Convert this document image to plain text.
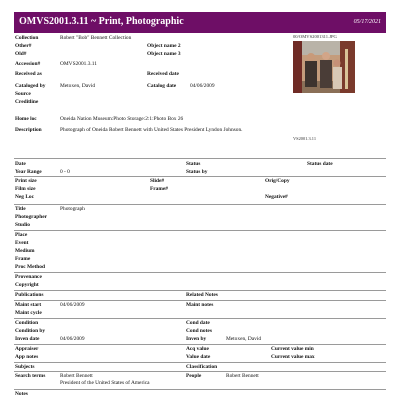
OMVS2001.3.11 ~ Print, Photographic	05/17/2021
Collection	Robert "Bob" Bennett Collection
Other#	Object name 2
Old#	Object name 3
Accession#	OMVS2001.3.11
Received as	Received date
Cataloged by	Metoxen, David	Catalog date	04/06/2009
Source
Creditline
00/OMVS2001311.JPG
VS2001.3.11
Home loc	Oneida Nation Museum:Photo Storage:2:1:Photo Box 26
Description	Photograph of Oneida Robert Bennett with United States President Lyndon Johnson.
Date	Status	Status date
Year Range	0 - 0	Status by
Print size	Slide#	Orig/Copy
Film size	Frame#
Neg Loc	Negative#
Title	Photograph
Photographer
Studio
Place
Event
Medium
Frame
Proc Method
Provenance
Copyright
Publications	Related Notes
Maint start	04/06/2009	Maint notes
Maint cycle
Condition	Cond date
Condition by	Cond notes
Inven date	04/06/2009	Inven by	Metoxen, David
Appraiser	Acq value	Current value min
App notes	Value date	Current value max
Subjects	Classification
Search terms	Robert Bennett
President of the United States of America
People	Robert Bennett
Notes
